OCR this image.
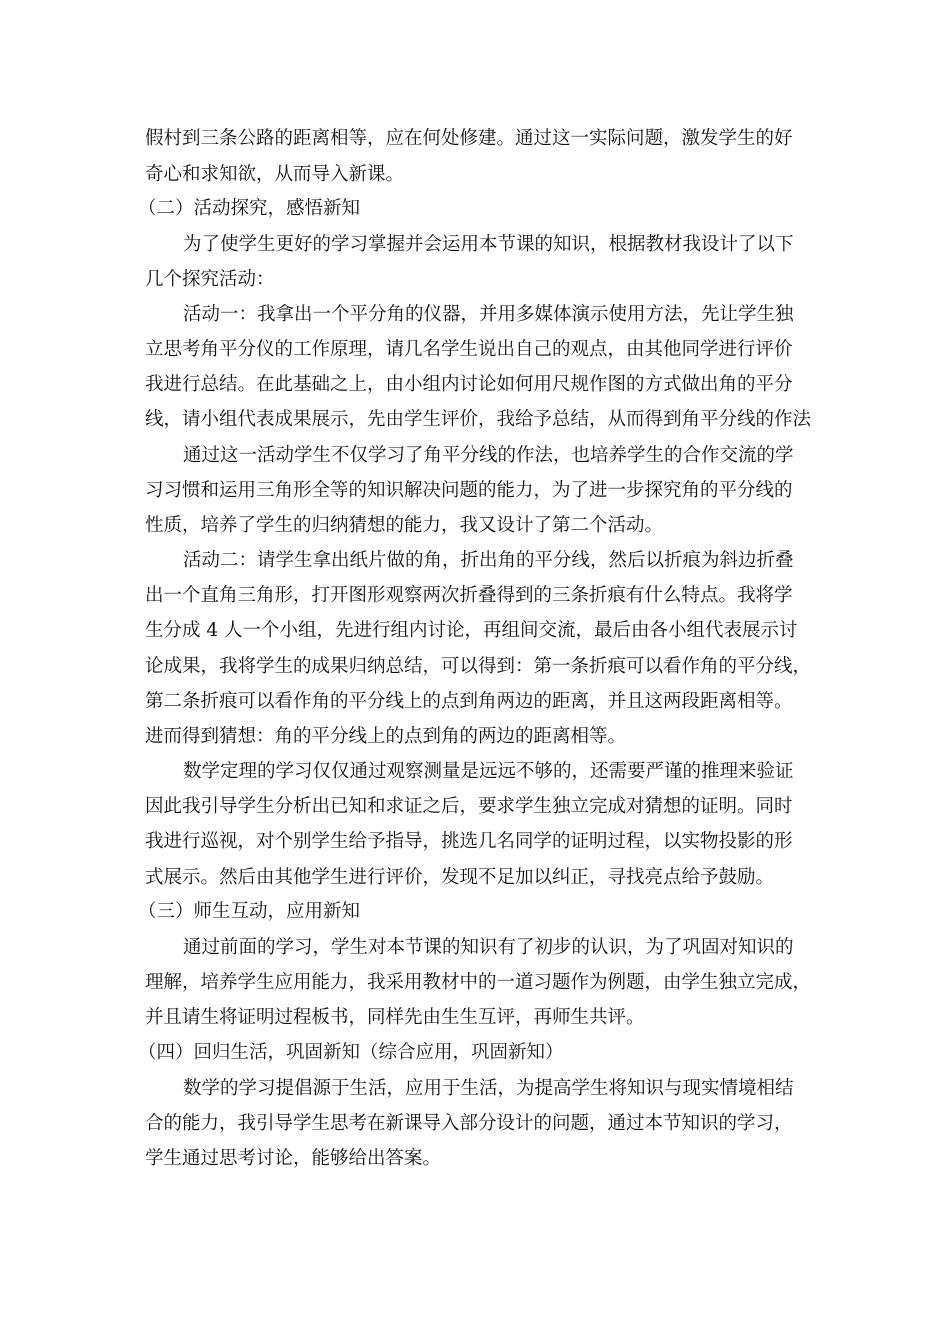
假村到三条公路的距离相等，应在何处修建。通过这一实际问题，激发学生的好
奇心和求知欲，从而导入新课。
（二）活动探究，感悟新知
为了使学生更好的学习掌握并会运用本节课的知识，根据教材我设计了以下
几个探究活动：
活动一：我拿出一个平分角的仪器，并用多媒体演示使用方法，先让学生独
立思考角平分仪的工作原理，请几名学生说出自己的观点，由其他同学进行评价
我进行总结。在此基础之上，由小组内讨论如何用尺规作图的方式做出角的平分
线，请小组代表成果展示，先由学生评价，我给予总结，从而得到角平分线的作法
通过这一活动学生不仅学习了角平分线的作法，也培养学生的合作交流的学
习习惯和运用三角形全等的知识解决问题的能力，为了进一步探究角的平分线的
性质，培养了学生的归纳猜想的能力，我又设计了第二个活动。
活动二：请学生拿出纸片做的角，折出角的平分线，然后以折痕为斜边折叠
出一个直角三角形，打开图形观察两次折叠得到的三条折痕有什么特点。我将学
生分成 4 人一个小组，先进行组内讨论，再组间交流，最后由各小组代表展示讨
论成果，我将学生的成果归纳总结，可以得到：第一条折痕可以看作角的平分线，
第二条折痕可以看作角的平分线上的点到角两边的距离，并且这两段距离相等。
进而得到猜想：角的平分线上的点到角的两边的距离相等。
数学定理的学习仅仅通过观察测量是远远不够的，还需要严谨的推理来验证
因此我引导学生分析出已知和求证之后，要求学生独立完成对猜想的证明。同时
我进行巡视，对个别学生给予指导，挑选几名同学的证明过程，以实物投影的形
式展示。然后由其他学生进行评价，发现不足加以纠正，寻找亮点给予鼓励。
（三）师生互动，应用新知
通过前面的学习，学生对本节课的知识有了初步的认识，为了巩固对知识的
理解，培养学生应用能力，我采用教材中的一道习题作为例题，由学生独立完成，
并且请生将证明过程板书，同样先由生生互评，再师生共评。
（四）回归生活，巩固新知（综合应用，巩固新知）
数学的学习提倡源于生活，应用于生活，为提高学生将知识与现实情境相结
合的能力，我引导学生思考在新课导入部分设计的问题，通过本节知识的学习，
学生通过思考讨论，能够给出答案。
